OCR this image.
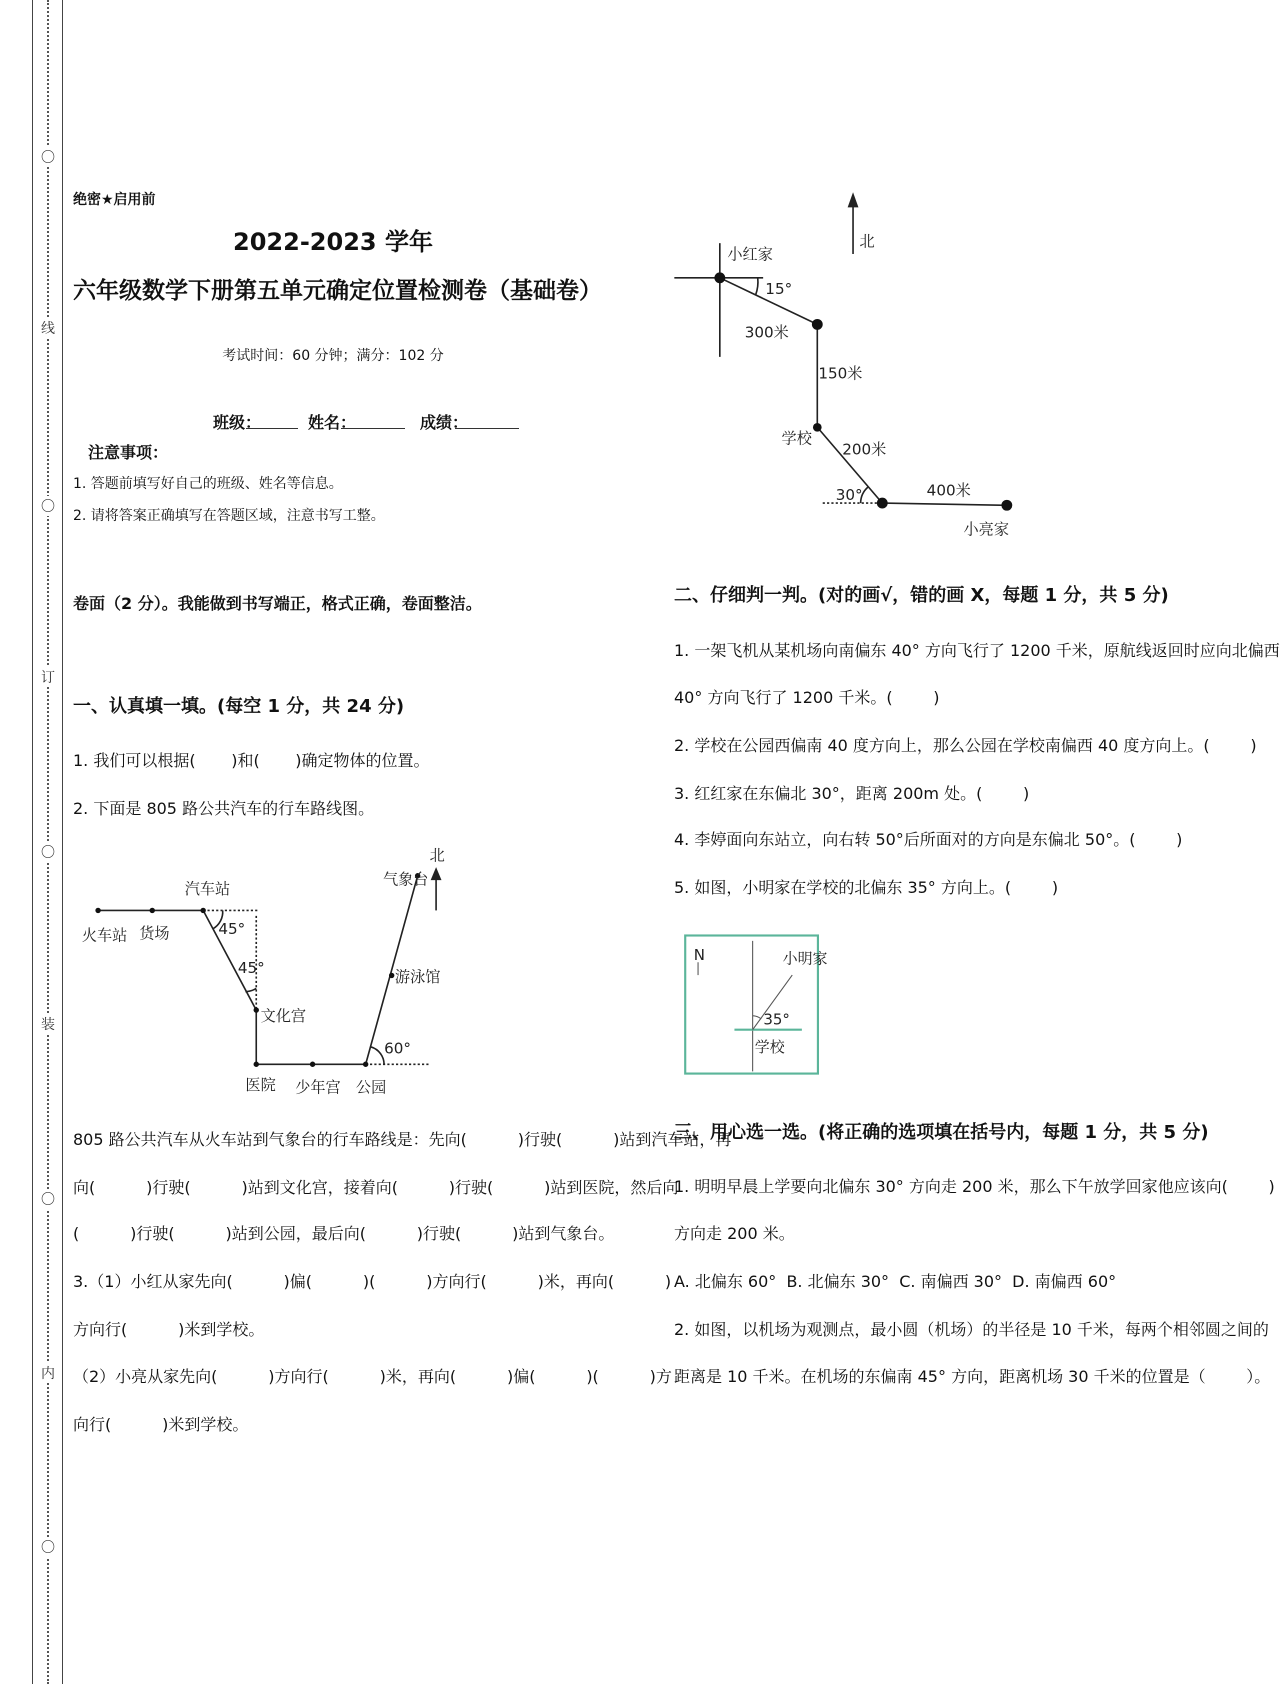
〇
线
〇
订
〇
装
〇
内
〇
绝密★启用前
2022-2023 学年
六年级数学下册第五单元确定位置检测卷（基础卷）
考试时间：60 分钟；满分：102 分
班级：	姓名：	成绩：
注意事项：
1. 答题前填写好自己的班级、姓名等信息。
2. 请将答案正确填写在答题区域，注意书写工整。
卷面（2 分）。我能做到书写端正，格式正确，卷面整洁。
一、认真填一填。(每空 1 分，共 24 分)
1. 我们可以根据(       )和(       )确定物体的位置。
2. 下面是 805 路公共汽车的行车路线图。
火车站 货场
汽车站
45°
45°
文化宫
医院 少年宫 公园
60°
游泳馆
气象台
北
805 路公共汽车从火车站到气象台的行车路线是：先向(          )行驶(          )站到汽车站，再
向(          )行驶(          )站到文化宫，接着向(          )行驶(          )站到医院，然后向
(          )行驶(          )站到公园，最后向(          )行驶(          )站到气象台。
3.（1）小红从家先向(          )偏(          )(          )方向行(          )米，再向(          )
方向行(          )米到学校。
（2）小亮从家先向(          )方向行(          )米，再向(          )偏(          )(          )方
向行(          )米到学校。
小红家
15°
300米
150米
学校
200米
30°	400米
小亮家
北
二、仔细判一判。(对的画√，错的画 X，每题 1 分，共 5 分)
1. 一架飞机从某机场向南偏东 40° 方向飞行了 1200 千米，原航线返回时应向北偏西
40° 方向飞行了 1200 千米。(        )
2. 学校在公园西偏南 40 度方向上，那么公园在学校南偏西 40 度方向上。(        )
3. 红红家在东偏北 30°，距离 200m 处。(        )
4. 李婷面向东站立，向右转 50°后所面对的方向是东偏北 50°。(        )
5. 如图，小明家在学校的北偏东 35° 方向上。(        )
N	小明家
35°
学校
三、用心选一选。(将正确的选项填在括号内，每题 1 分，共 5 分)
1. 明明早晨上学要向北偏东 30° 方向走 200 米，那么下午放学回家他应该向(        )
方向走 200 米。
A. 北偏东 60°  B. 北偏东 30°  C. 南偏西 30°  D. 南偏西 60°
2. 如图，以机场为观测点，最小圆（机场）的半径是 10 千米，每两个相邻圆之间的
距离是 10 千米。在机场的东偏南 45° 方向，距离机场 30 千米的位置是（        ）。
